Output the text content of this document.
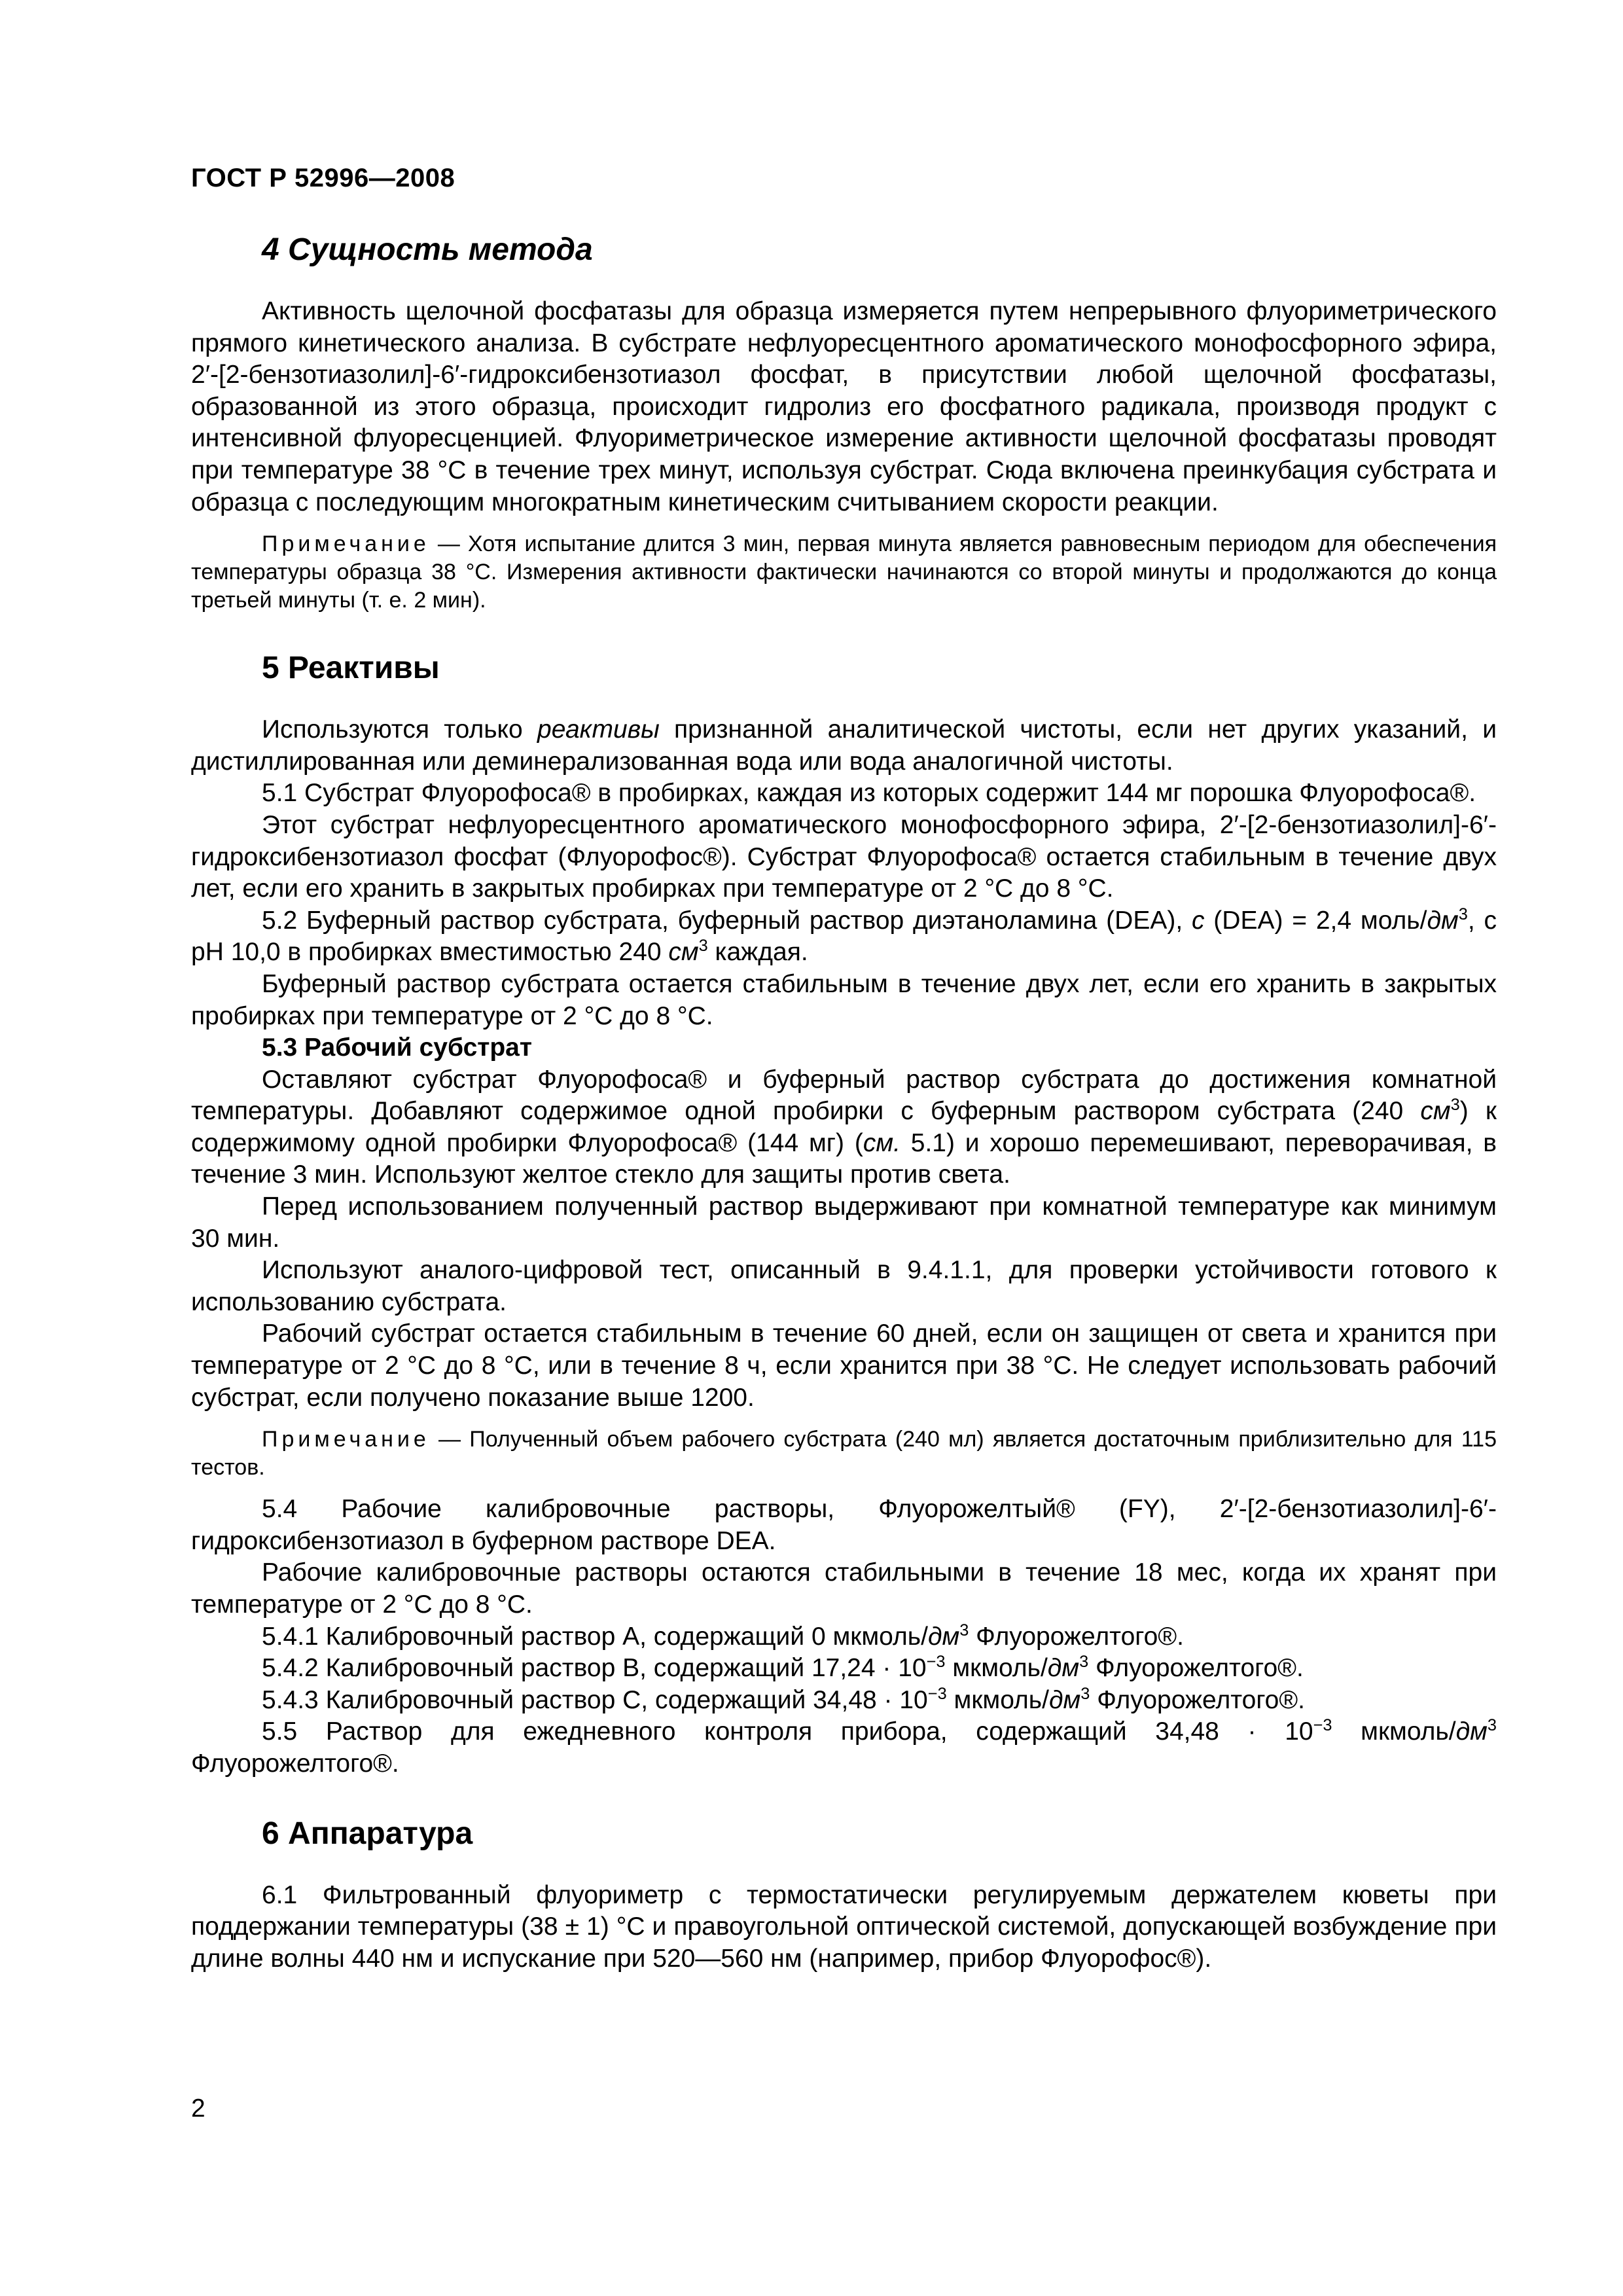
ГОСТ Р 52996—2008
4 Сущность метода

Активность щелочной фосфатазы для образца измеряется путем непрерывного флуориметрического прямого кинетического анализа. В субстрате нефлуоресцентного ароматического монофосфорного эфира, 2′-[2-бензотиазолил]-6′-гидроксибензотиазол фосфат, в присутствии любой щелочной фосфатазы, образованной из этого образца, происходит гидролиз его фосфатного радикала, производя продукт с интенсивной флуоресценцией. Флуориметрическое измерение активности щелочной фосфатазы проводят при температуре 38 °С в течение трех минут, используя субстрат. Сюда включена преинкубация субстрата и образца с последующим многократным кинетическим считыванием скорости реакции.

Примечание — Хотя испытание длится 3 мин, первая минута является равновесным периодом для обеспечения температуры образца 38 °С. Измерения активности фактически начинаются со второй минуты и продолжаются до конца третьей минуты (т. е. 2 мин).

5 Реактивы

Используются только реактивы признанной аналитической чистоты, если нет других указаний, и дистиллированная или деминерализованная вода или вода аналогичной чистоты.

5.1 Субстрат Флуорофоса® в пробирках, каждая из которых содержит 144 мг порошка Флуорофоса®.

Этот субстрат нефлуоресцентного ароматического монофосфорного эфира, 2′-[2-бензотиазолил]-6′-гидроксибензотиазол фосфат (Флуорофос®). Субстрат Флуорофоса® остается стабильным в течение двух лет, если его хранить в закрытых пробирках при температуре от 2 °С до 8 °С.

5.2 Буферный раствор субстрата, буферный раствор диэтаноламина (DEA), c (DEA) = 2,4 моль/$дм^3$, с pH 10,0 в пробирках вместимостью 240 $см^3$ каждая.

Буферный раствор субстрата остается стабильным в течение двух лет, если его хранить в закрытых пробирках при температуре от 2 °С до 8 °С.

5.3 Рабочий субстрат

Оставляют субстрат Флуорофоса® и буферный раствор субстрата до достижения комнатной температуры. Добавляют содержимое одной пробирки с буферным раствором субстрата (240 $см^3$) к содержимому одной пробирки Флуорофоса® (144 мг) (см. 5.1) и хорошо перемешивают, переворачивая, в течение 3 мин. Используют желтое стекло для защиты против света.

Перед использованием полученный раствор выдерживают при комнатной температуре как минимум 30 мин.

Используют аналого-цифровой тест, описанный в 9.4.1.1, для проверки устойчивости готового к использованию субстрата.

Рабочий субстрат остается стабильным в течение 60 дней, если он защищен от света и хранится при температуре от 2 °С до 8 °С, или в течение 8 ч, если хранится при 38 °С. Не следует использовать рабочий субстрат, если получено показание выше 1200.

Примечание — Полученный объем рабочего субстрата (240 мл) является достаточным приблизительно для 115 тестов.

5.4 Рабочие калибровочные растворы, Флуорожелтый® (FY), 2′-[2-бензотиазолил]-6′-гидроксибензотиазол в буферном растворе DEA.

Рабочие калибровочные растворы остаются стабильными в течение 18 мес, когда их хранят при температуре от 2 °С до 8 °С.

5.4.1 Калибровочный раствор А, содержащий 0 мкмоль/$дм^3$ Флуорожелтого®.

5.4.2 Калибровочный раствор В, содержащий $17,24 \cdot 10^{-3}$ мкмоль/$дм^3$ Флуорожелтого®.

5.4.3 Калибровочный раствор С, содержащий $34,48 \cdot 10^{-3}$ мкмоль/$дм^3$ Флуорожелтого®.

5.5 Раствор для ежедневного контроля прибора, содержащий $34,48 \cdot 10^{-3}$ мкмоль/$дм^3$ Флуорожелтого®.

6 Аппаратура

6.1 Фильтрованный флуориметр с термостатически регулируемым держателем кюветы при поддержании температуры (38 ± 1) °С и правоугольной оптической системой, допускающей возбуждение при длине волны 440 нм и испускание при 520—560 нм (например, прибор Флуорофос®).

2
